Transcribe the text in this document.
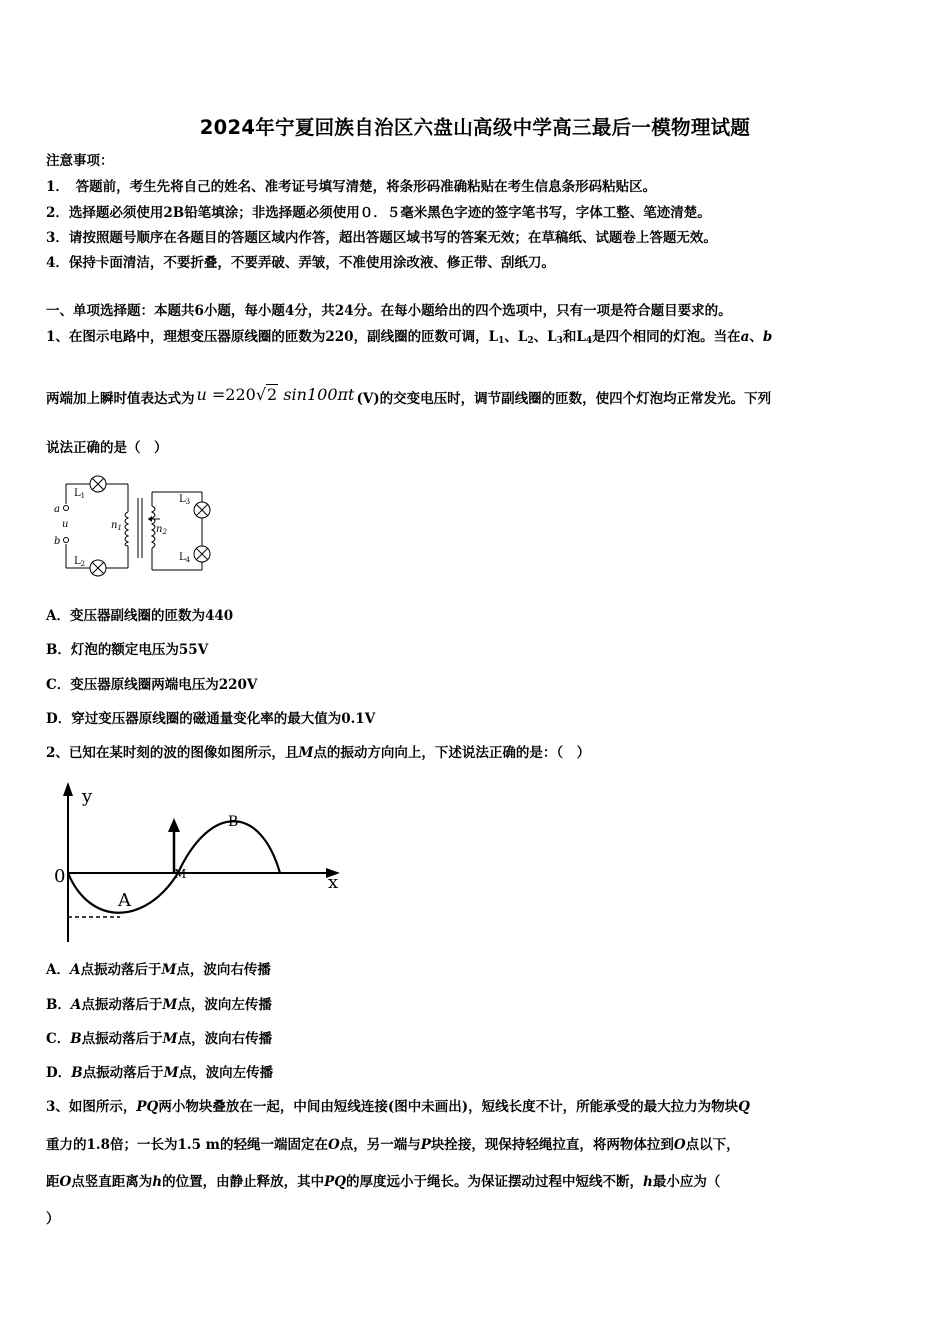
2024年宁夏回族自治区六盘山高级中学高三最后一模物理试题
注意事项：
1．　答题前，考生先将自己的姓名、准考证号填写清楚，将条形码准确粘贴在考生信息条形码粘贴区。
2．选择题必须使用2B铅笔填涂；非选择题必须使用０．５毫米黑色字迹的签字笔书写，字体工整、笔迹清楚。
3．请按照题号顺序在各题目的答题区域内作答，超出答题区域书写的答案无效；在草稿纸、试题卷上答题无效。
4．保持卡面清洁，不要折叠，不要弄破、弄皱，不准使用涂改液、修正带、刮纸刀。
一、单项选择题：本题共6小题，每小题4分，共24分。在每小题给出的四个选项中，只有一项是符合题目要求的。
1、在图示电路中，理想变压器原线圈的匝数为220，副线圈的匝数可调，$L_1$、$L_2$、$L_3$和$L_4$是四个相同的灯泡。当在a、b
两端加上瞬时值表达式为 u =220√2 sin100πt (V)的交变电压时，调节副线圈的匝数，使四个灯泡均正常发光。下列
说法正确的是（　）
a
u
b
$L_1$
$L_2$
$L_3$
$L_4$
$n_1$	$n_2$
A．变压器副线圈的匝数为440
B．灯泡的额定电压为55V
C．变压器原线圈两端电压为220V
D．穿过变压器原线圈的磁通量变化率的最大值为0.1V
2、已知在某时刻的波的图像如图所示，且M点的振动方向向上，下述说法正确的是：（　）
y
x
0
A
B
M
A．A点振动落后于M点，波向右传播
B．A点振动落后于M点，波向左传播
C．B点振动落后于M点，波向右传播
D．B点振动落后于M点，波向左传播
3、如图所示，PQ两小物块叠放在一起，中间由短线连接(图中未画出)，短线长度不计，所能承受的最大拉力为物块Q
重力的1.8倍；一长为1.5 m的轻绳一端固定在O点，另一端与P块拴接，现保持轻绳拉直，将两物体拉到O点以下，
距O点竖直距离为h的位置，由静止释放，其中PQ的厚度远小于绳长。为保证摆动过程中短线不断，h最小应为（
）
